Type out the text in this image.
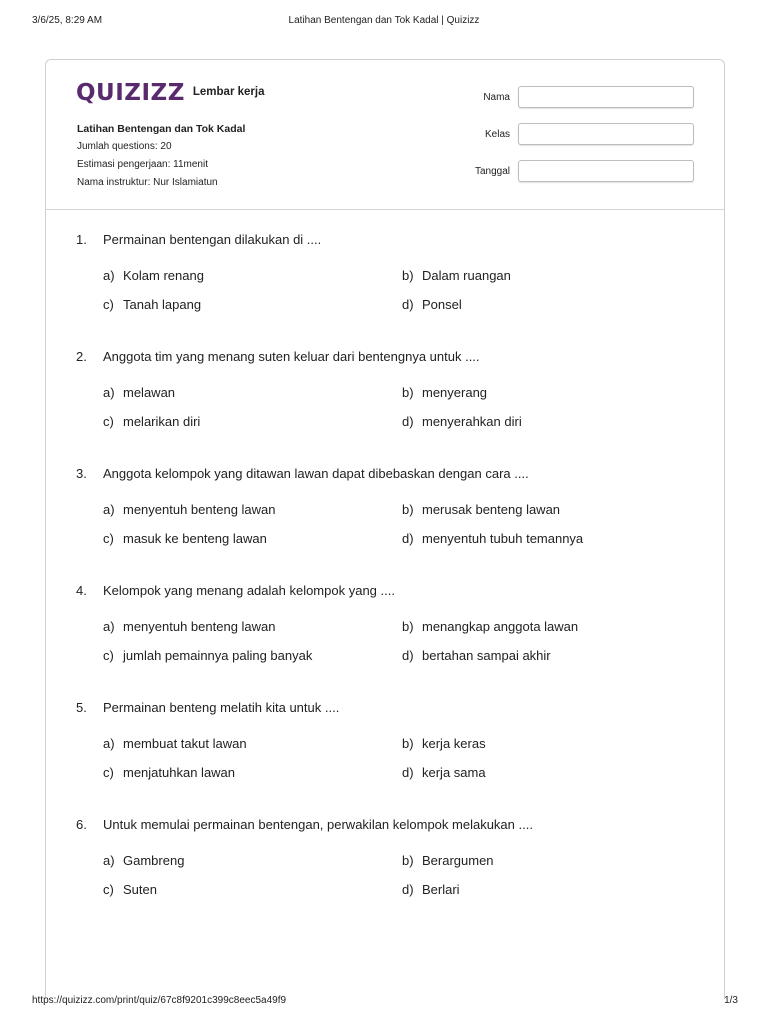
3/6/25, 8:29 AM	Latihan Bentengan dan Tok Kadal | Quizizz
QUIZIZZ Lembar kerja
Latihan Bentengan dan Tok Kadal
Jumlah questions: 20
Estimasi pengerjaan: 11menit
Nama instruktur: Nur Islamiatun
Nama
Kelas
Tanggal
1.	Permainan bentengan dilakukan di ....
a) Kolam renang	b) Dalam ruangan
c) Tanah lapang	d) Ponsel
2.	Anggota tim yang menang suten keluar dari bentengnya untuk ....
a) melawan	b) menyerang
c) melarikan diri	d) menyerahkan diri
3.	Anggota kelompok yang ditawan lawan dapat dibebaskan dengan cara ....
a) menyentuh benteng lawan	b) merusak benteng lawan
c) masuk ke benteng lawan	d) menyentuh tubuh temannya
4.	Kelompok yang menang adalah kelompok yang ....
a) menyentuh benteng lawan	b) menangkap anggota lawan
c) jumlah pemainnya paling banyak	d) bertahan sampai akhir
5.	Permainan benteng melatih kita untuk ....
a) membuat takut lawan	b) kerja keras
c) menjatuhkan lawan	d) kerja sama
6.	Untuk memulai permainan bentengan, perwakilan kelompok melakukan ....
a) Gambreng	b) Berargumen
c) Suten	d) Berlari
https://quizizz.com/print/quiz/67c8f9201c399c8eec5a49f9	1/3
